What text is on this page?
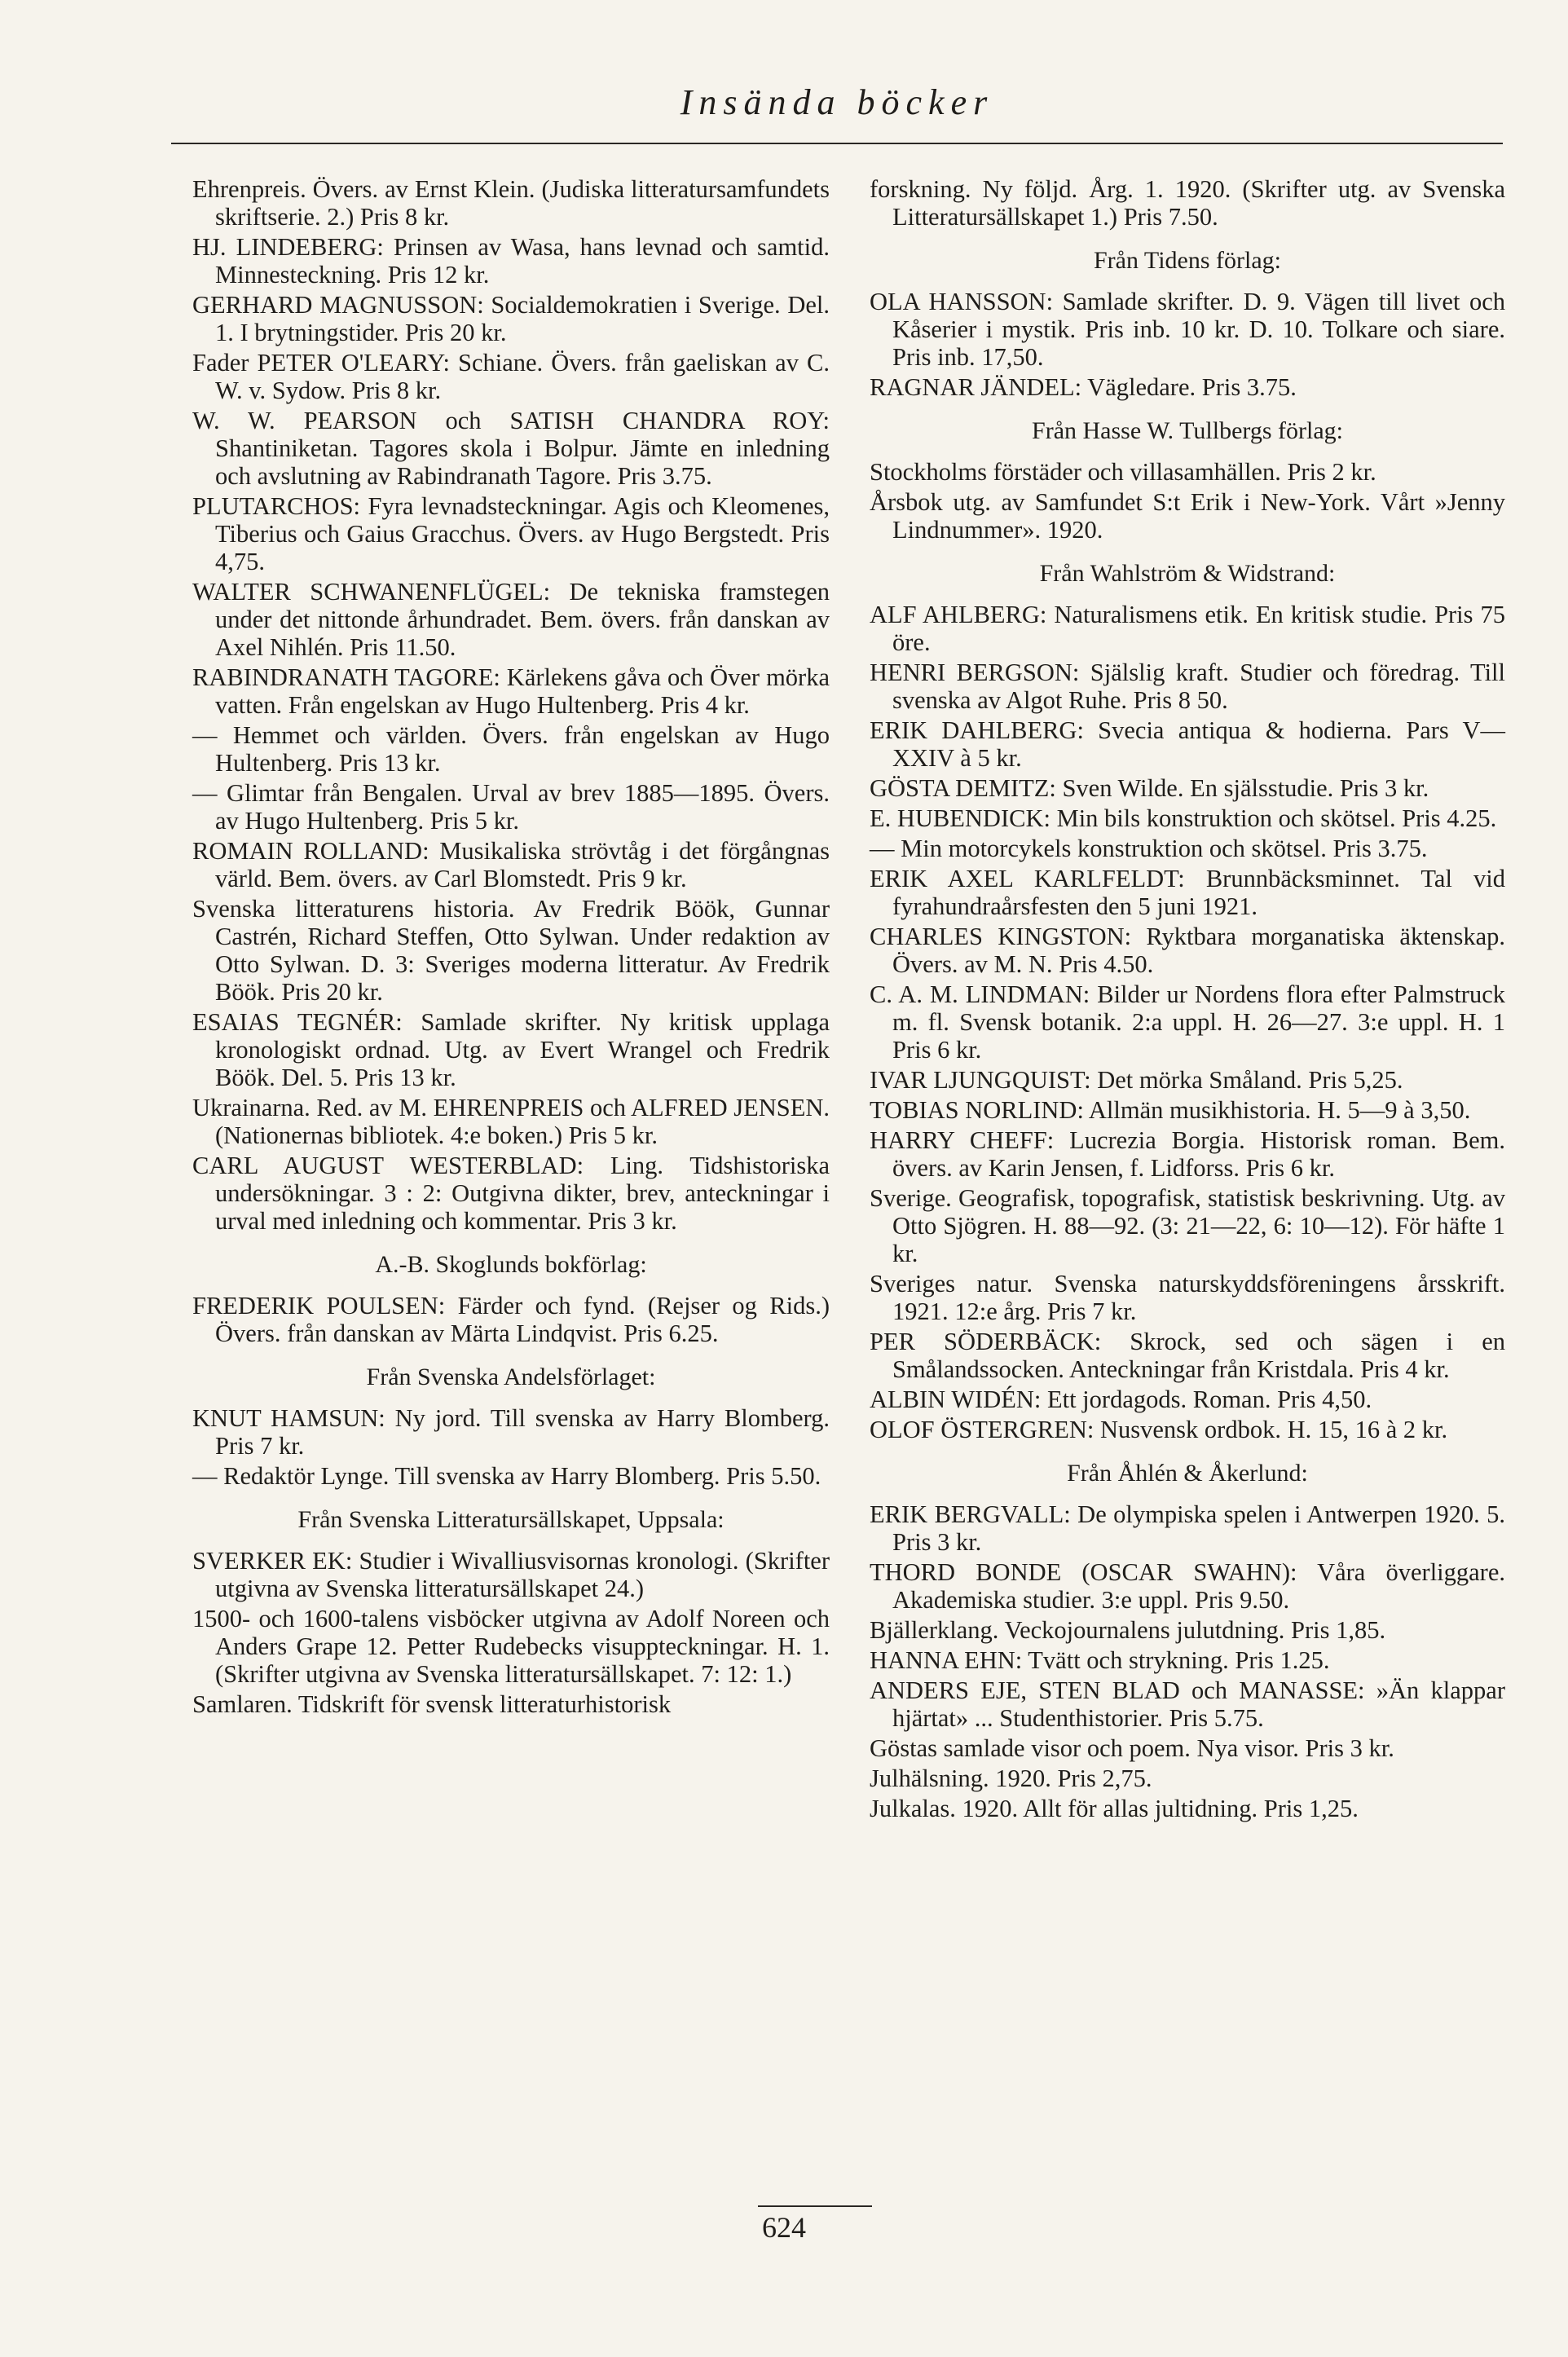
Insända böcker

Ehrenpreis. Övers. av Ernst Klein. (Judiska litteratursamfundets skriftserie. 2.) Pris 8 kr.

HJ. LINDEBERG: Prinsen av Wasa, hans levnad och samtid. Minnesteckning. Pris 12 kr.

GERHARD MAGNUSSON: Socialdemokratien i Sverige. Del. 1. I brytningstider. Pris 20 kr.

Fader PETER O'LEARY: Schiane. Övers. från gaeliskan av C. W. v. Sydow. Pris 8 kr.

W. W. PEARSON och SATISH CHANDRA ROY: Shantiniketan. Tagores skola i Bolpur. Jämte en inledning och avslutning av Rabindranath Tagore. Pris 3.75.

PLUTARCHOS: Fyra levnadsteckningar. Agis och Kleomenes, Tiberius och Gaius Gracchus. Övers. av Hugo Bergstedt. Pris 4,75.

WALTER SCHWANENFLÜGEL: De tekniska framstegen under det nittonde århundradet. Bem. övers. från danskan av Axel Nihlén. Pris 11.50.

RABINDRANATH TAGORE: Kärlekens gåva och Över mörka vatten. Från engelskan av Hugo Hultenberg. Pris 4 kr.

— Hemmet och världen. Övers. från engelskan av Hugo Hultenberg. Pris 13 kr.

— Glimtar från Bengalen. Urval av brev 1885—1895. Övers. av Hugo Hultenberg. Pris 5 kr.

ROMAIN ROLLAND: Musikaliska strövtåg i det förgångnas värld. Bem. övers. av Carl Blomstedt. Pris 9 kr.

Svenska litteraturens historia. Av Fredrik Böök, Gunnar Castrén, Richard Steffen, Otto Sylwan. Under redaktion av Otto Sylwan. D. 3: Sveriges moderna litteratur. Av Fredrik Böök. Pris 20 kr.

ESAIAS TEGNÉR: Samlade skrifter. Ny kritisk upplaga kronologiskt ordnad. Utg. av Evert Wrangel och Fredrik Böök. Del. 5. Pris 13 kr.

Ukrainarna. Red. av M. EHRENPREIS och ALFRED JENSEN. (Nationernas bibliotek. 4:e boken.) Pris 5 kr.

CARL AUGUST WESTERBLAD: Ling. Tidshistoriska undersökningar. 3 : 2: Outgivna dikter, brev, anteckningar i urval med inledning och kommentar. Pris 3 kr.

A.-B. Skoglunds bokförlag:

FREDERIK POULSEN: Färder och fynd. (Rejser og Rids.) Övers. från danskan av Märta Lindqvist. Pris 6.25.

Från Svenska Andelsförlaget:

KNUT HAMSUN: Ny jord. Till svenska av Harry Blomberg. Pris 7 kr.

— Redaktör Lynge. Till svenska av Harry Blomberg. Pris 5.50.

Från Svenska Litteratursällskapet, Uppsala:

SVERKER EK: Studier i Wivalliusvisornas kronologi. (Skrifter utgivna av Svenska litteratursällskapet 24.)

1500- och 1600-talens visböcker utgivna av Adolf Noreen och Anders Grape 12. Petter Rudebecks visuppteckningar. H. 1. (Skrifter utgivna av Svenska litteratursällskapet. 7: 12: 1.)

Samlaren. Tidskrift för svensk litteraturhistorisk

forskning. Ny följd. Årg. 1. 1920. (Skrifter utg. av Svenska Litteratursällskapet 1.) Pris 7.50.

Från Tidens förlag:

OLA HANSSON: Samlade skrifter. D. 9. Vägen till livet och Kåserier i mystik. Pris inb. 10 kr. D. 10. Tolkare och siare. Pris inb. 17,50.

RAGNAR JÄNDEL: Vägledare. Pris 3.75.

Från Hasse W. Tullbergs förlag:

Stockholms förstäder och villasamhällen. Pris 2 kr.

Årsbok utg. av Samfundet S:t Erik i New-York. Vårt »Jenny Lindnummer». 1920.

Från Wahlström & Widstrand:

ALF AHLBERG: Naturalismens etik. En kritisk studie. Pris 75 öre.

HENRI BERGSON: Själslig kraft. Studier och föredrag. Till svenska av Algot Ruhe. Pris 8 50.

ERIK DAHLBERG: Svecia antiqua & hodierna. Pars V—XXIV à 5 kr.

GÖSTA DEMITZ: Sven Wilde. En själsstudie. Pris 3 kr.

E. HUBENDICK: Min bils konstruktion och skötsel. Pris 4.25.

— Min motorcykels konstruktion och skötsel. Pris 3.75.

ERIK AXEL KARLFELDT: Brunnbäcksminnet. Tal vid fyrahundraårsfesten den 5 juni 1921.

CHARLES KINGSTON: Ryktbara morganatiska äktenskap. Övers. av M. N. Pris 4.50.

C. A. M. LINDMAN: Bilder ur Nordens flora efter Palmstruck m. fl. Svensk botanik. 2:a uppl. H. 26—27. 3:e uppl. H. 1 Pris 6 kr.

IVAR LJUNGQUIST: Det mörka Småland. Pris 5,25.

TOBIAS NORLIND: Allmän musikhistoria. H. 5—9 à 3,50.

HARRY CHEFF: Lucrezia Borgia. Historisk roman. Bem. övers. av Karin Jensen, f. Lidforss. Pris 6 kr.

Sverige. Geografisk, topografisk, statistisk beskrivning. Utg. av Otto Sjögren. H. 88—92. (3: 21—22, 6: 10—12). För häfte 1 kr.

Sveriges natur. Svenska naturskyddsföreningens årsskrift. 1921. 12:e årg. Pris 7 kr.

PER SÖDERBÄCK: Skrock, sed och sägen i en Smålandssocken. Anteckningar från Kristdala. Pris 4 kr.

ALBIN WIDÉN: Ett jordagods. Roman. Pris 4,50.

OLOF ÖSTERGREN: Nusvensk ordbok. H. 15, 16 à 2 kr.

Från Åhlén & Åkerlund:

ERIK BERGVALL: De olympiska spelen i Antwerpen 1920. 5. Pris 3 kr.

THORD BONDE (OSCAR SWAHN): Våra överliggare. Akademiska studier. 3:e uppl. Pris 9.50.

Bjällerklang. Veckojournalens julutdning. Pris 1,85.

HANNA EHN: Tvätt och strykning. Pris 1.25.

ANDERS EJE, STEN BLAD och MANASSE: »Än klappar hjärtat» ... Studenthistorier. Pris 5.75.

Göstas samlade visor och poem. Nya visor. Pris 3 kr.

Julhälsning. 1920. Pris 2,75.

Julkalas. 1920. Allt för allas jultidning. Pris 1,25.

624
